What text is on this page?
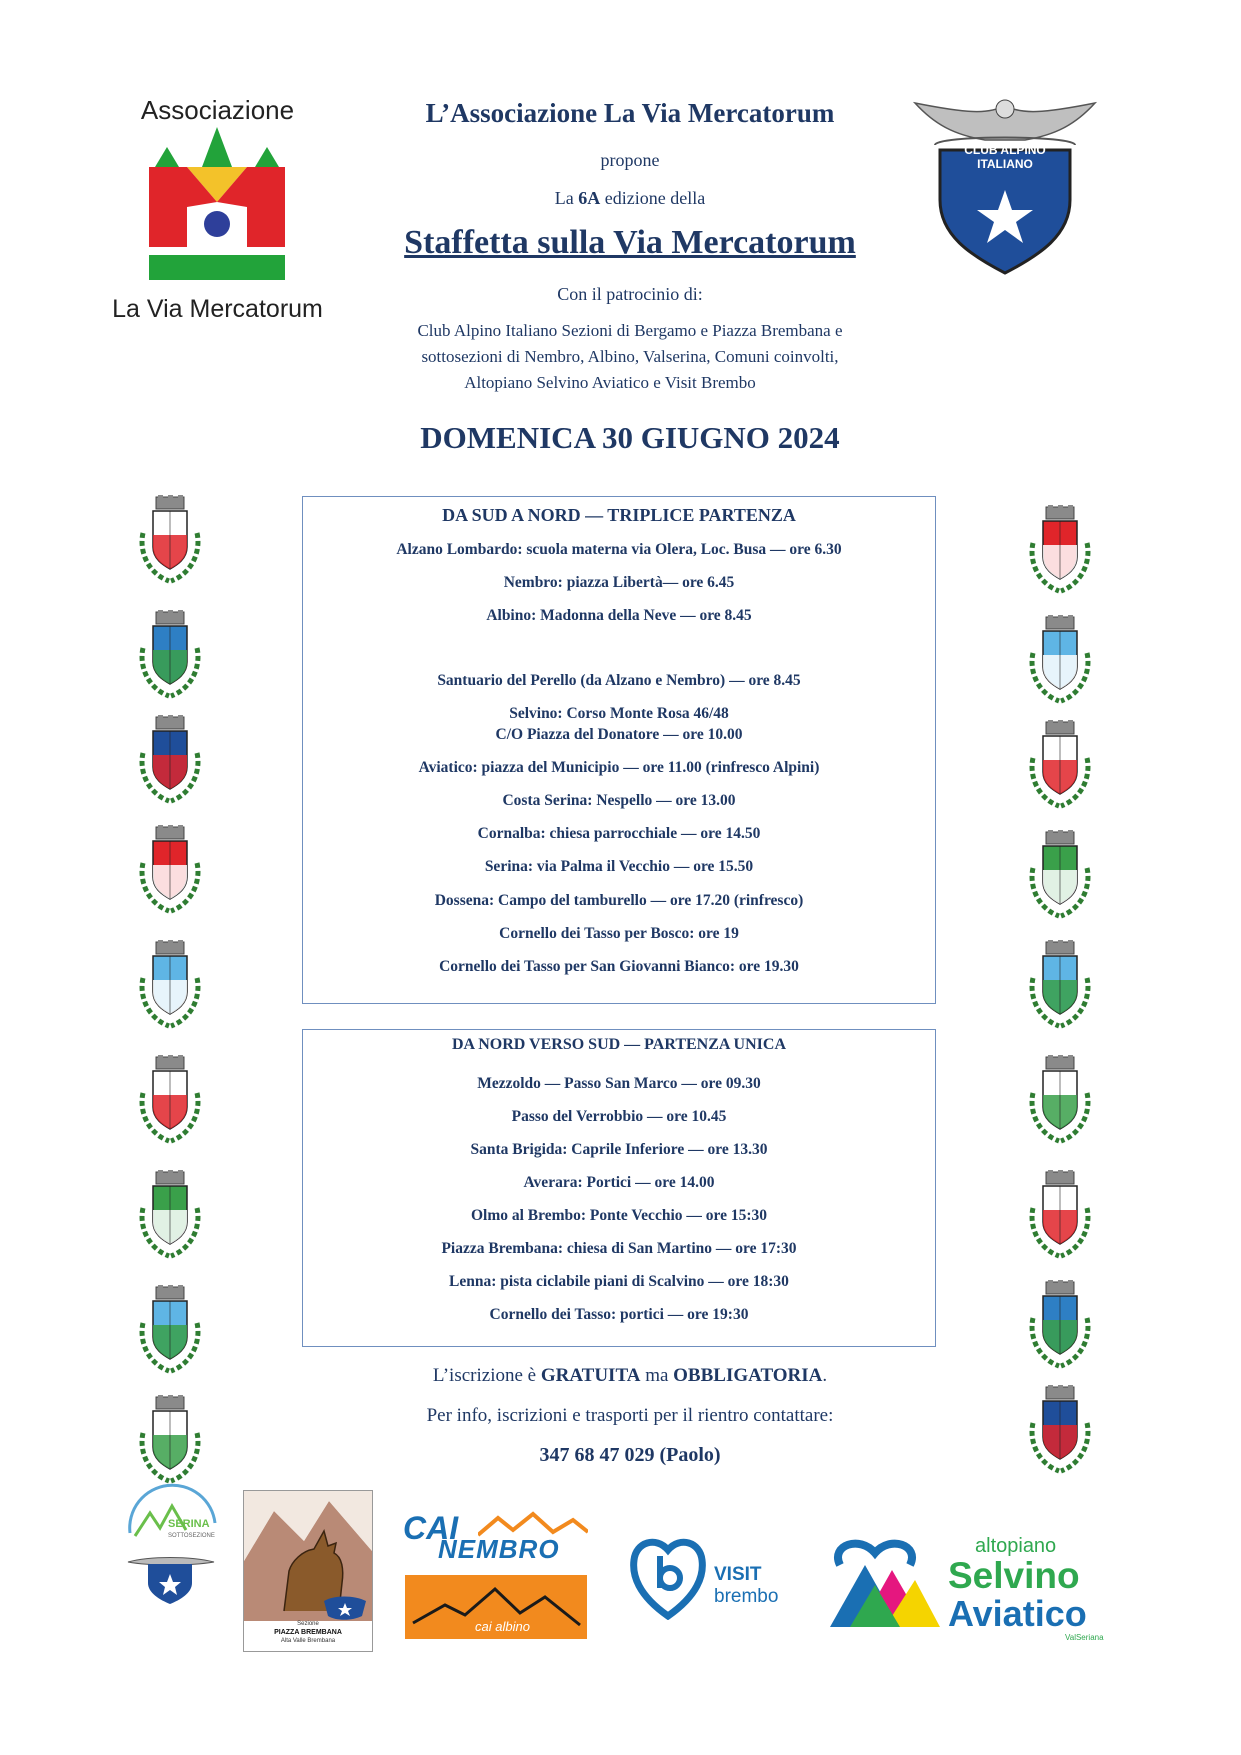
Associazione
La Via Mercatorum
CLUB ALPINO ITALIANO
L’Associazione La Via Mercatorum
propone
La 6A edizione della
Staffetta sulla Via Mercatorum
Con il patrocinio di:
Club Alpino Italiano Sezioni di Bergamo e Piazza Brembana e
sottosezioni di Nembro, Albino, Valserina, Comuni coinvolti,
Altopiano Selvino Aviatico e Visit Brembo
DOMENICA 30 GIUGNO 2024
DA SUD A NORD — TRIPLICE PARTENZA
Alzano Lombardo: scuola materna via Olera, Loc. Busa — ore 6.30
Nembro: piazza Libertà— ore 6.45
Albino: Madonna della Neve — ore 8.45
Santuario del Perello (da Alzano e Nembro) — ore 8.45
Selvino: Corso Monte Rosa 46/48
C/O Piazza del Donatore — ore 10.00
Aviatico: piazza del Municipio — ore 11.00 (rinfresco Alpini)
Costa Serina: Nespello — ore 13.00
Cornalba: chiesa parrocchiale — ore 14.50
Serina: via Palma il Vecchio — ore 15.50
Dossena: Campo del tamburello — ore 17.20 (rinfresco)
Cornello dei Tasso per Bosco: ore 19
Cornello dei Tasso per San Giovanni Bianco: ore 19.30
DA NORD VERSO SUD — PARTENZA UNICA
Mezzoldo — Passo San Marco — ore 09.30
Passo del Verrobbio — ore 10.45
Santa Brigida: Caprile Inferiore — ore 13.30
Averara: Portici — ore 14.00
Olmo al Brembo: Ponte Vecchio — ore 15:30
Piazza Brembana: chiesa di San Martino — ore 17:30
Lenna: pista ciclabile piani di Scalvino — ore 18:30
Cornello dei Tasso: portici — ore 19:30
L’iscrizione è GRATUITA ma OBBLIGATORIA.
Per info, iscrizioni e trasporti per il rientro contattare:
347 68 47 029 (Paolo)
SERINA
SOTTOSEZIONE
Sezione
PIAZZA BREMBANA
Alta Valle Brembana
CAI
NEMBRO
cai albino
VISIT
brembo
altopiano
Selvino
Aviatico
ValSeriana
